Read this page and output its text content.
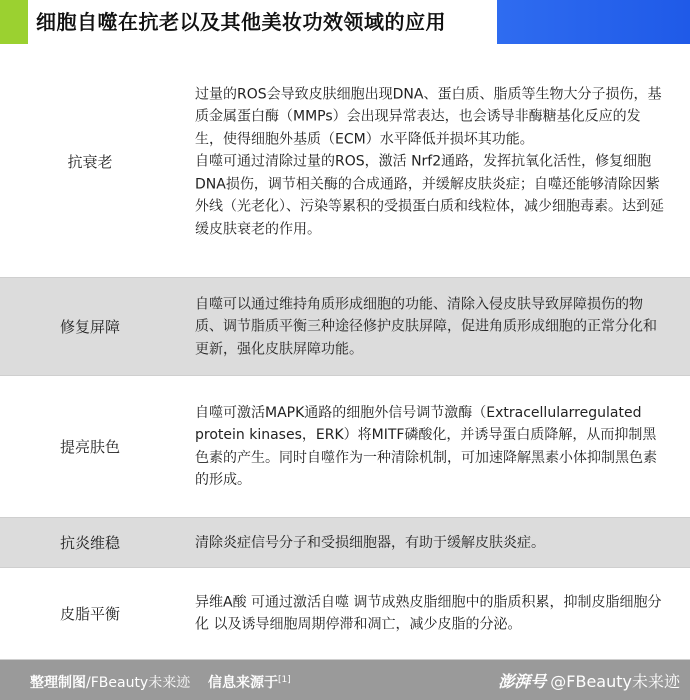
细胞自噬在抗老以及其他美妆功效领域的应用
抗衰老

过量的ROS会导致皮肤细胞出现DNA、蛋白质、脂质等生物大分子损伤，基质金属蛋白酶（MMPs）会出现异常表达，也会诱导非酶糖基化反应的发生，使得细胞外基质（ECM）水平降低并损坏其功能。

自噬可通过清除过量的ROS，激活 Nrf2通路，发挥抗氧化活性，修复细胞DNA损伤，调节相关酶的合成通路，并缓解皮肤炎症；自噬还能够清除因紫外线（光老化）、污染等累积的受损蛋白质和线粒体，减少细胞毒素。达到延缓皮肤衰老的作用。

修复屏障

自噬可以通过维持角质形成细胞的功能、清除入侵皮肤导致屏障损伤的物质、调节脂质平衡三种途径修护皮肤屏障，促进角质形成细胞的正常分化和更新，强化皮肤屏障功能。

提亮肤色

自噬可激活MAPK通路的细胞外信号调节激酶（Extracellularregulated protein kinases，ERK）将MITF磷酸化，并诱导蛋白质降解，从而抑制黑色素的产生。同时自噬作为一种清除机制，可加速降解黑素小体抑制黑色素的形成。

抗炎维稳	清除炎症信号分子和受损细胞器，有助于缓解皮肤炎症。

皮脂平衡

异维A酸 可通过激活自噬 调节成熟皮脂细胞中的脂质积累，抑制皮脂细胞分化 以及诱导细胞周期停滞和凋亡，减少皮脂的分泌。

整理制图/FBeauty未来迹 信息来源于[1]	澎湃号 @FBeauty未来迹
